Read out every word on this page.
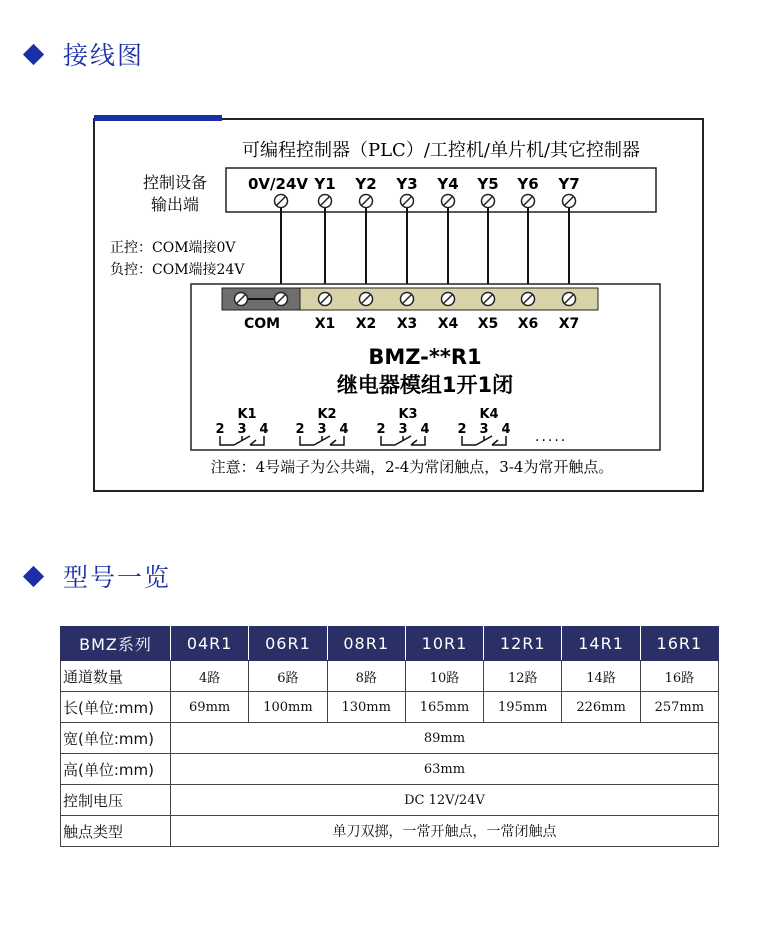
接线图
可编程控制器（PLC）/工控机/单片机/其它控制器
控制设备
输出端
0V/24V Y1 Y2 Y3 Y4 Y5 Y6 Y7
正控：COM端接0V
负控：COM端接24V
COM X1 X2 X3 X4 X5 X6 X7
BMZ-**R1
继电器模组1开1闭
K1
2 3 4
K2
2 3 4
K3
2 3 4
K4
2 3 4 .....
注意：4号端子为公共端，2-4为常闭触点，3-4为常开触点。
型号一览
BMZ系列	04R1	06R1	08R1	10R1	12R1	14R1	16R1
通道数量	4路	6路	8路	10路	12路	14路	16路
长(单位:mm)	69mm	100mm	130mm	165mm	195mm	226mm	257mm
宽(单位:mm)	89mm						
高(单位:mm)	63mm						
控制电压	DC 12V/24V						
触点类型	单刀双掷，一常开触点，一常闭触点						
